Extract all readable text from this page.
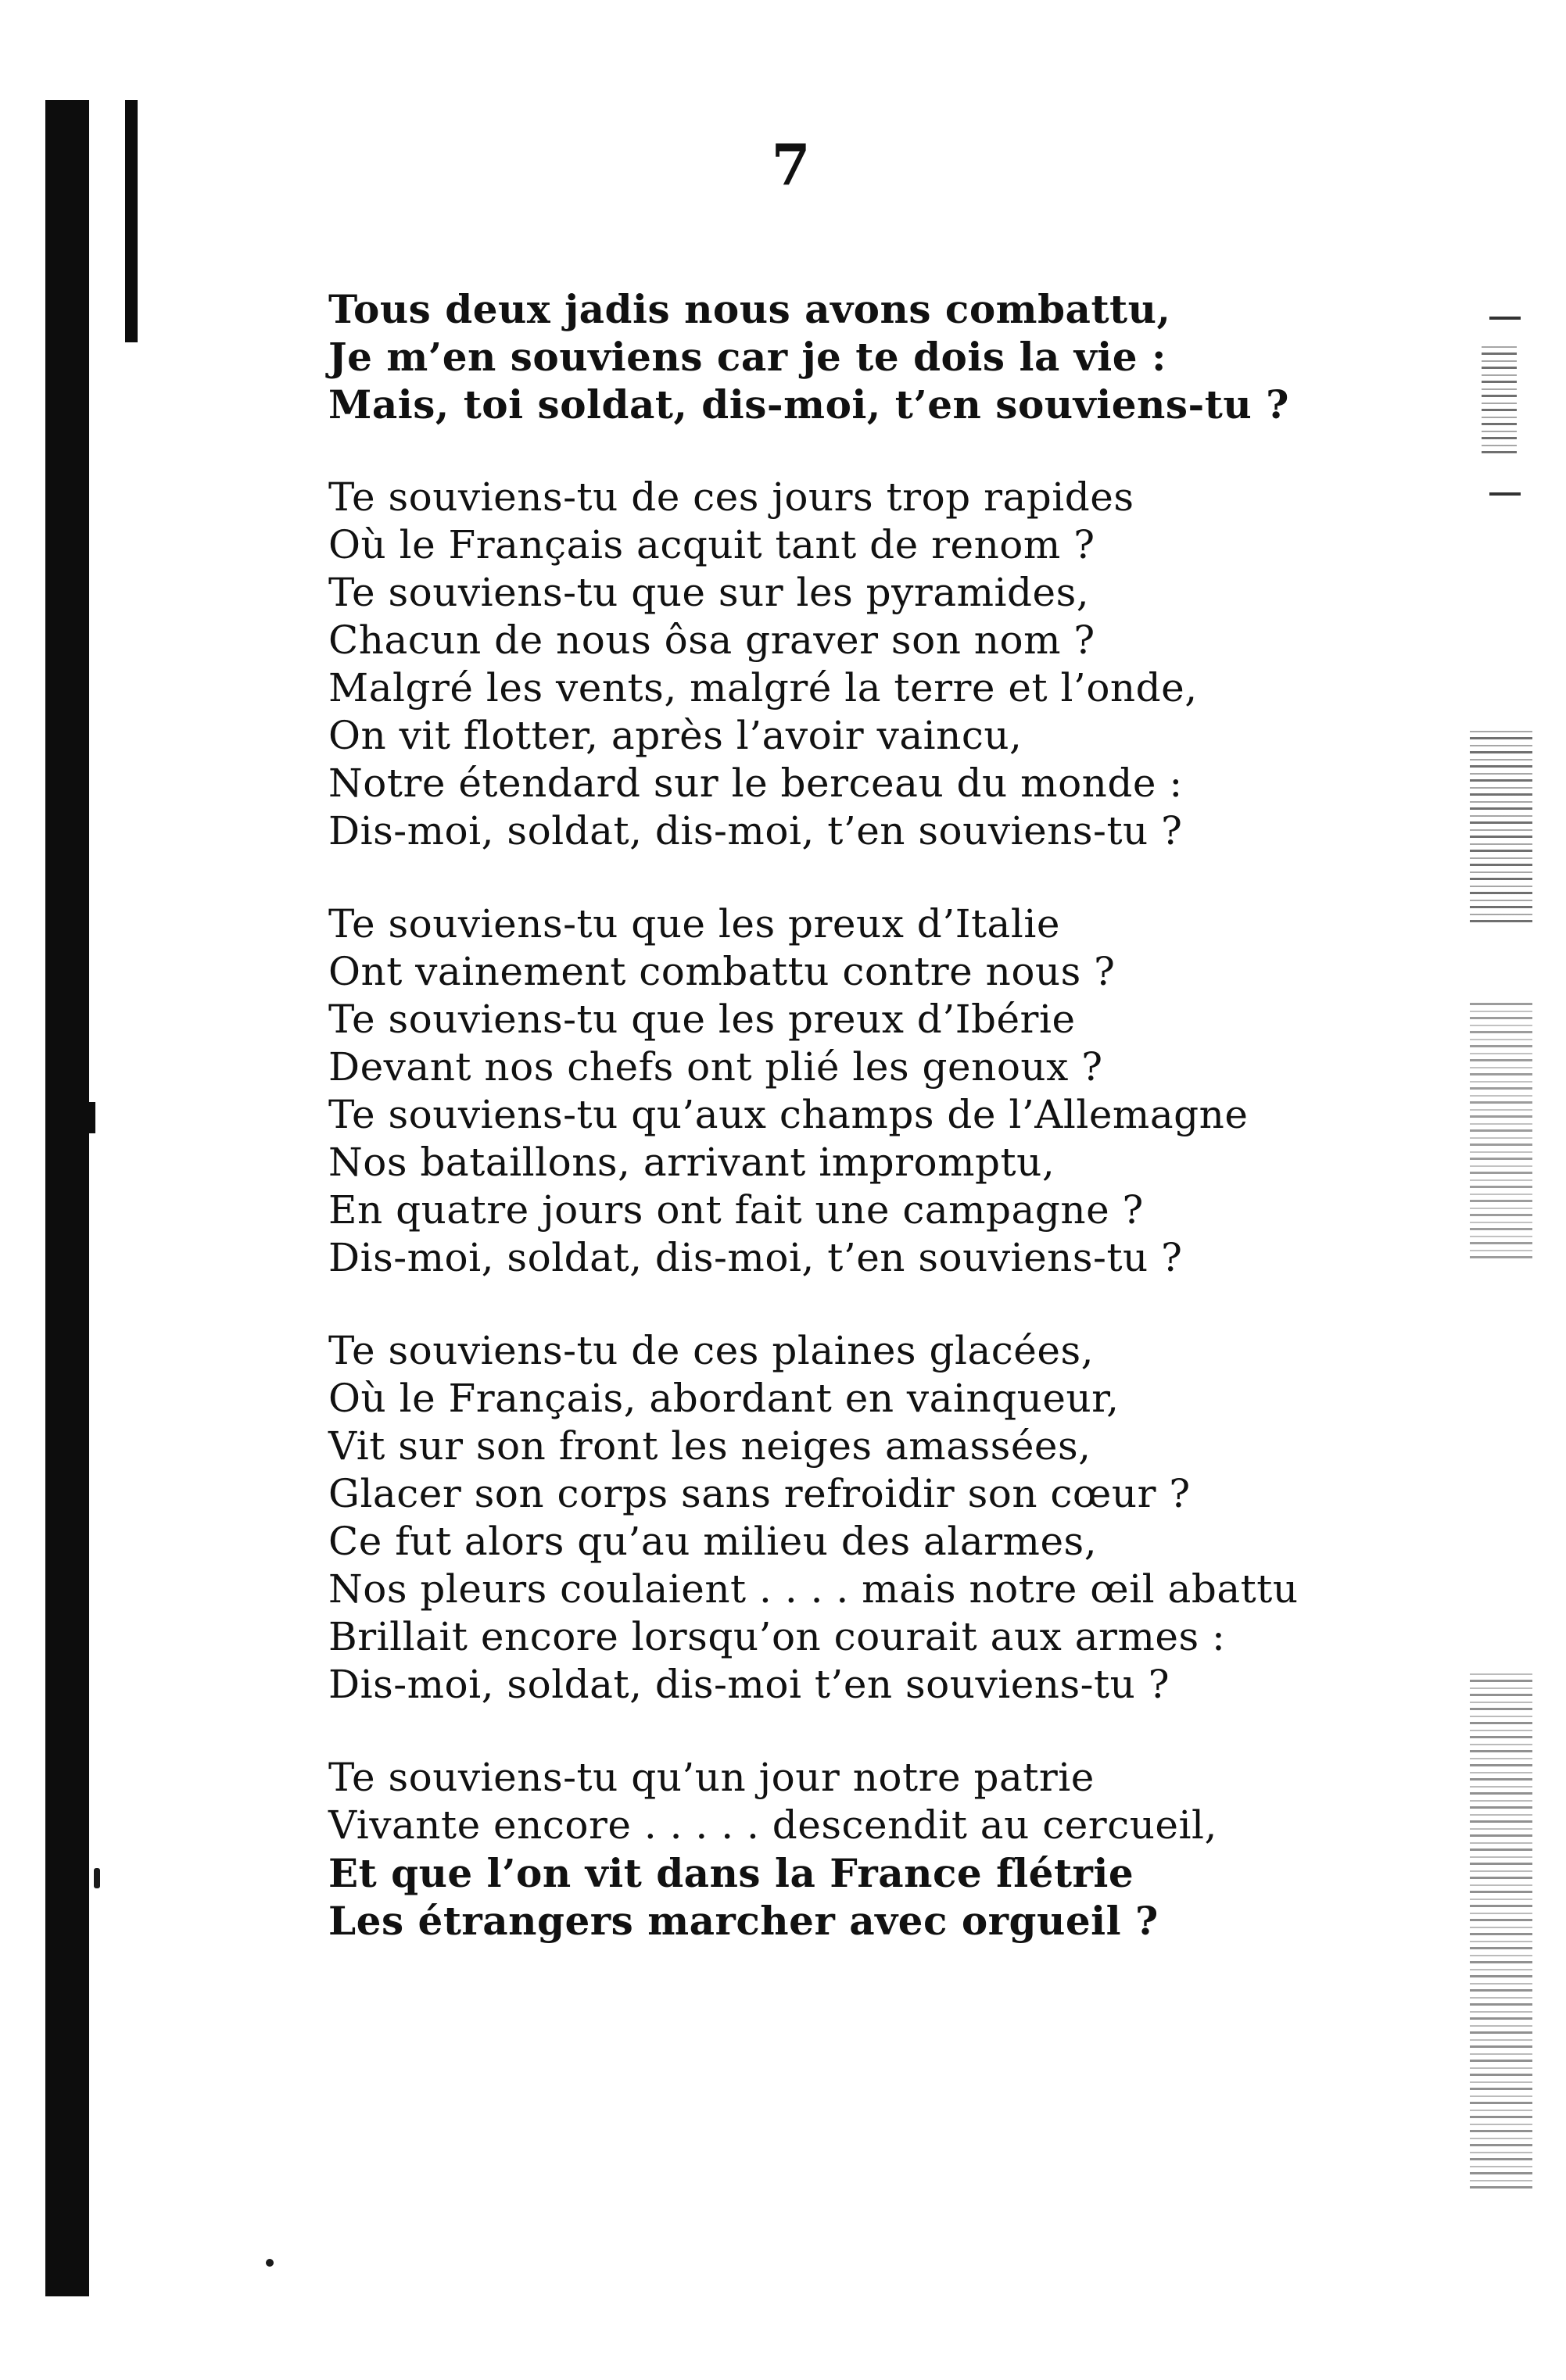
7
Tous deux jadis nous avons combattu,
Je m’en souviens car je te dois la vie :
Mais, toi soldat, dis-moi, t’en souviens-tu ?
Te souviens-tu de ces jours trop rapides
Où le Français acquit tant de renom ?
Te souviens-tu que sur les pyramides,
Chacun de nous ôsa graver son nom ?
Malgré les vents, malgré la terre et l’onde,
On vit flotter, après l’avoir vaincu,
Notre étendard sur le berceau du monde :
Dis-moi, soldat, dis-moi, t’en souviens-tu ?
Te souviens-tu que les preux d’Italie
Ont vainement combattu contre nous ?
Te souviens-tu que les preux d’Ibérie
Devant nos chefs ont plié les genoux ?
Te souviens-tu qu’aux champs de l’Allemagne
Nos bataillons, arrivant impromptu,
En quatre jours ont fait une campagne ?
Dis-moi, soldat, dis-moi, t’en souviens-tu ?
Te souviens-tu de ces plaines glacées,
Où le Français, abordant en vainqueur,
Vit sur son front les neiges amassées,
Glacer son corps sans refroidir son cœur ?
Ce fut alors qu’au milieu des alarmes,
Nos pleurs coulaient . . . . mais notre œil abattu
Brillait encore lorsqu’on courait aux armes :
Dis-moi, soldat, dis-moi t’en souviens-tu ?
Te souviens-tu qu’un jour notre patrie
Vivante encore . . . . . descendit au cercueil,
Et que l’on vit dans la France flétrie
Les étrangers marcher avec orgueil ?
